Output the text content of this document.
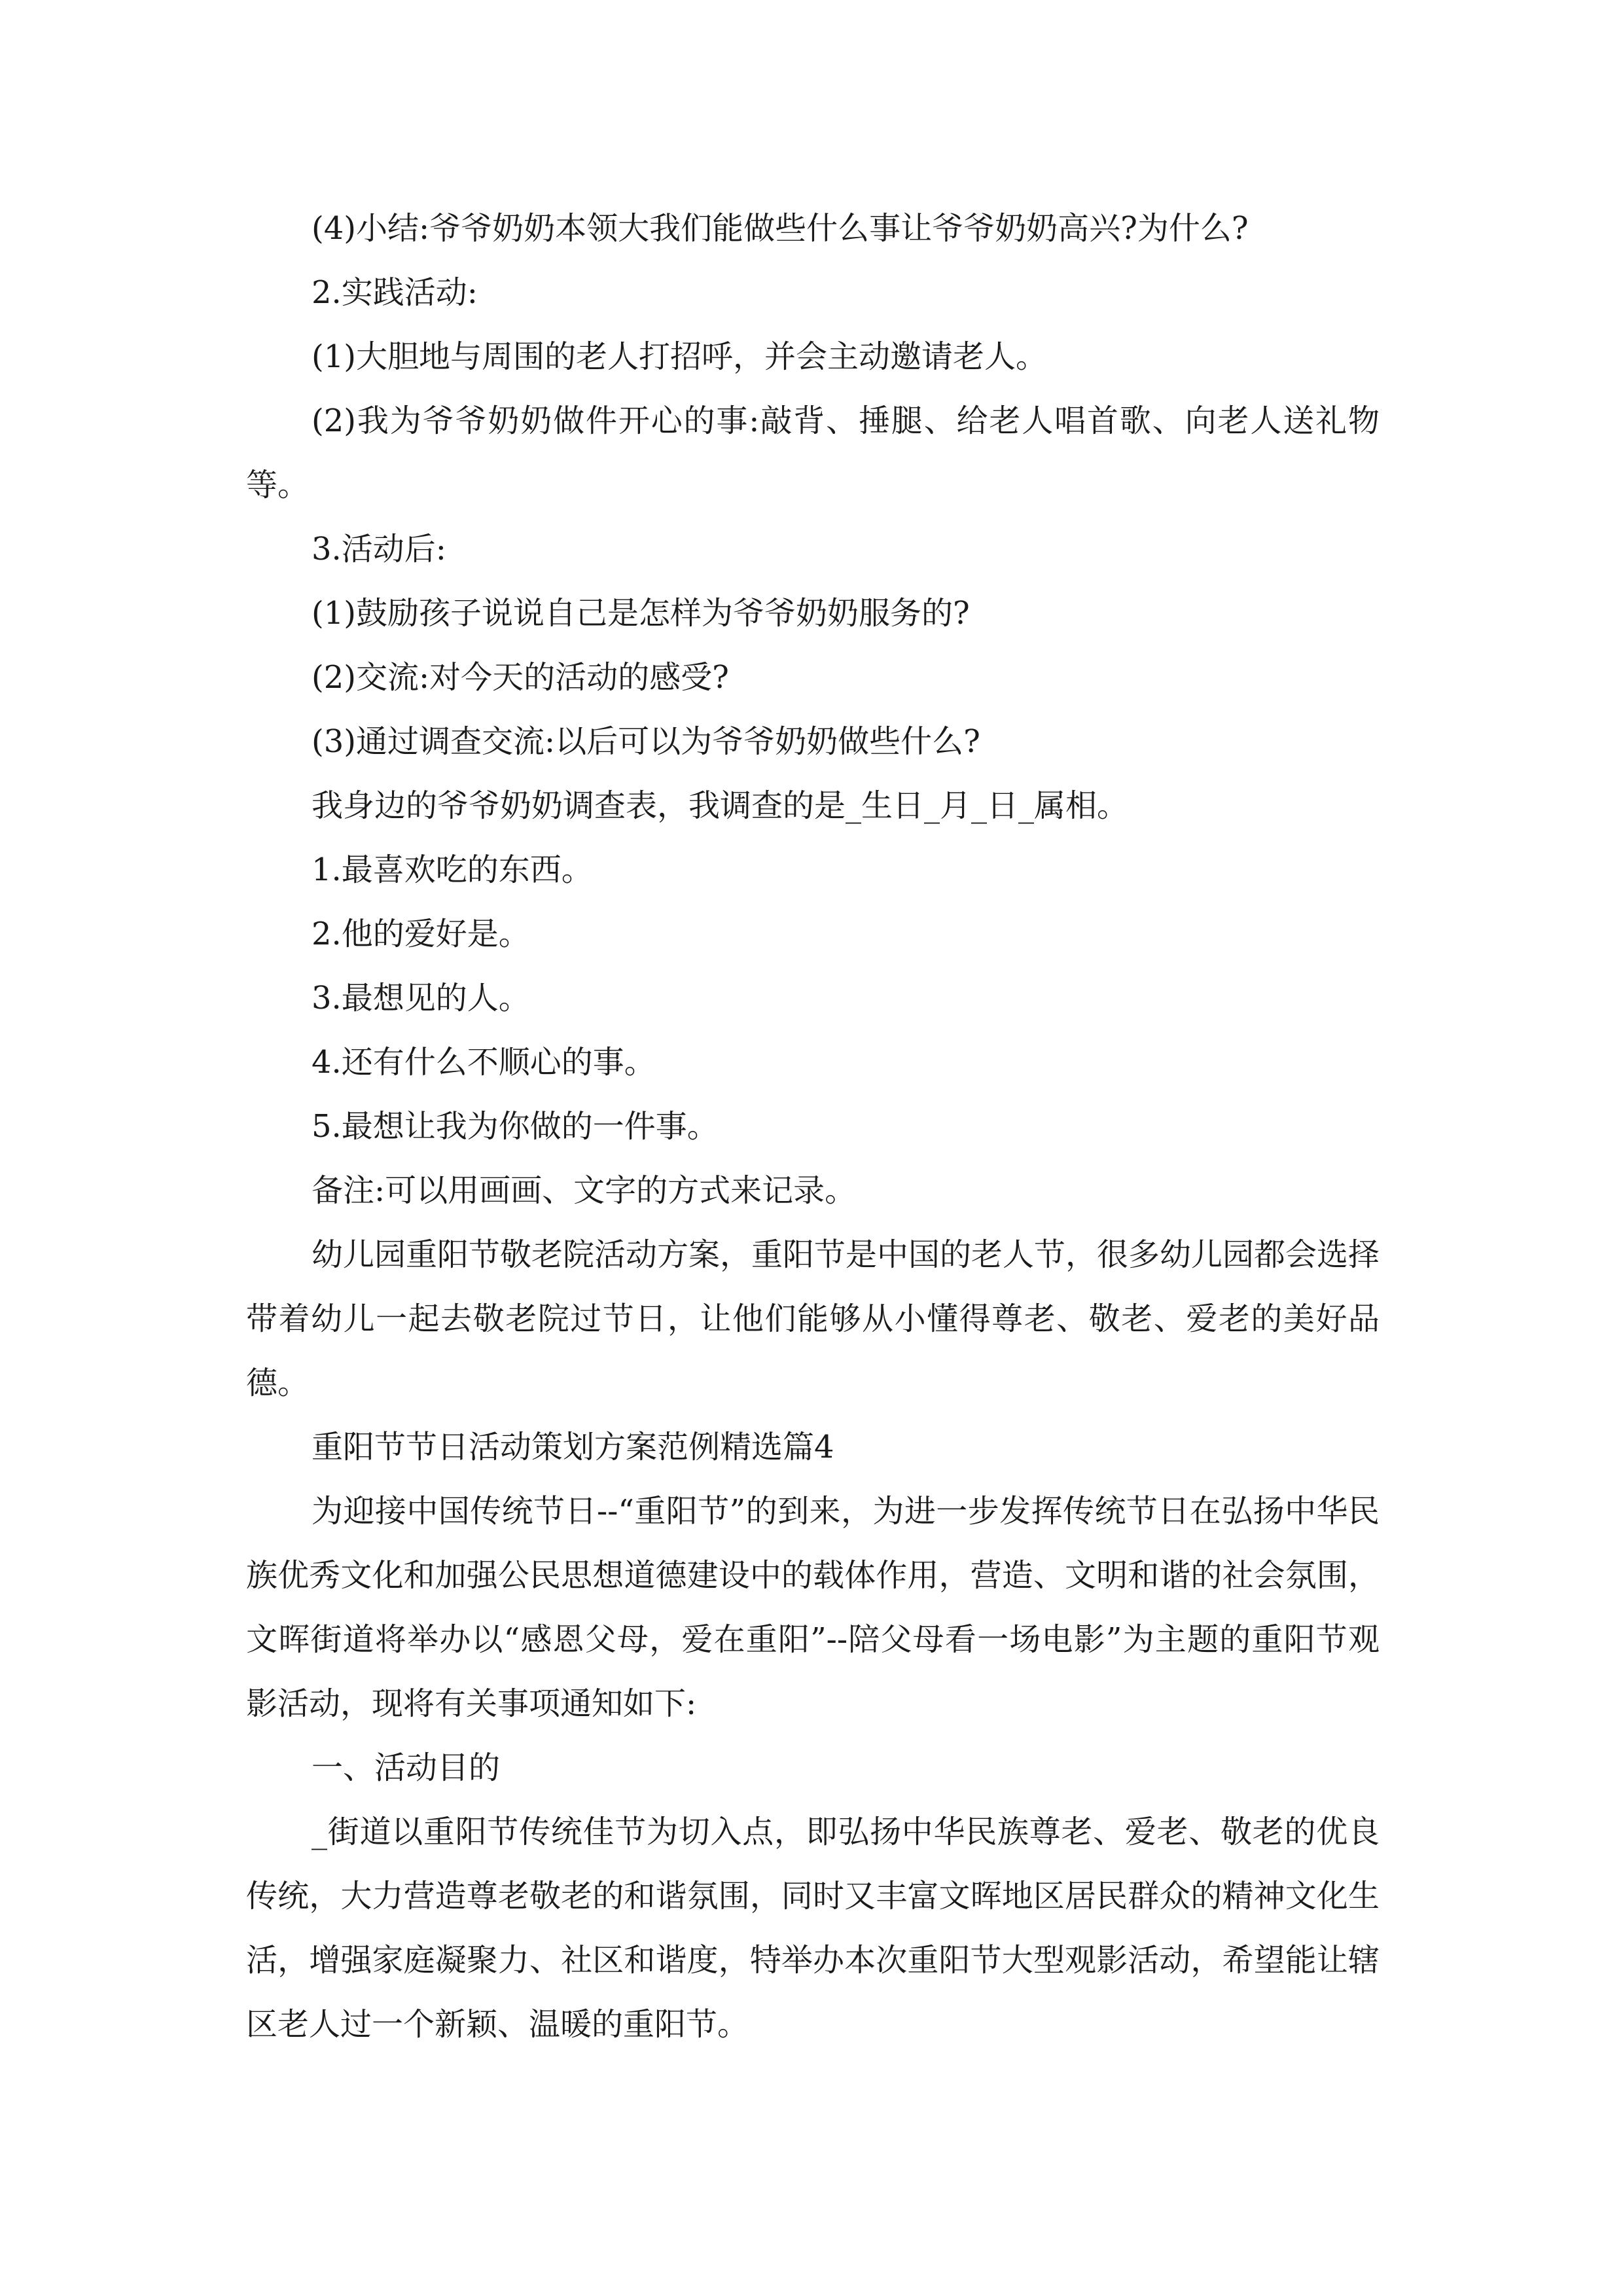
(4)小结:爷爷奶奶本领大我们能做些什么事让爷爷奶奶高兴?为什么?

2.实践活动:

(1)大胆地与周围的老人打招呼，并会主动邀请老人。

(2)我为爷爷奶奶做件开心的事:敲背、捶腿、给老人唱首歌、向老人送礼物等。

3.活动后:

(1)鼓励孩子说说自己是怎样为爷爷奶奶服务的?

(2)交流:对今天的活动的感受?

(3)通过调查交流:以后可以为爷爷奶奶做些什么?

我身边的爷爷奶奶调查表，我调查的是_生日_月_日_属相。

1.最喜欢吃的东西。

2.他的爱好是。

3.最想见的人。

4.还有什么不顺心的事。

5.最想让我为你做的一件事。

备注:可以用画画、文字的方式来记录。

幼儿园重阳节敬老院活动方案，重阳节是中国的老人节，很多幼儿园都会选择带着幼儿一起去敬老院过节日，让他们能够从小懂得尊老、敬老、爱老的美好品德。

重阳节节日活动策划方案范例精选篇4

为迎接中国传统节日--“重阳节”的到来，为进一步发挥传统节日在弘扬中华民族优秀文化和加强公民思想道德建设中的载体作用，营造、文明和谐的社会氛围，文晖街道将举办以“感恩父母，爱在重阳”--陪父母看一场电影”为主题的重阳节观影活动，现将有关事项通知如下:

一、活动目的

_街道以重阳节传统佳节为切入点，即弘扬中华民族尊老、爱老、敬老的优良传统，大力营造尊老敬老的和谐氛围，同时又丰富文晖地区居民群众的精神文化生活，增强家庭凝聚力、社区和谐度，特举办本次重阳节大型观影活动，希望能让辖区老人过一个新颖、温暖的重阳节。
